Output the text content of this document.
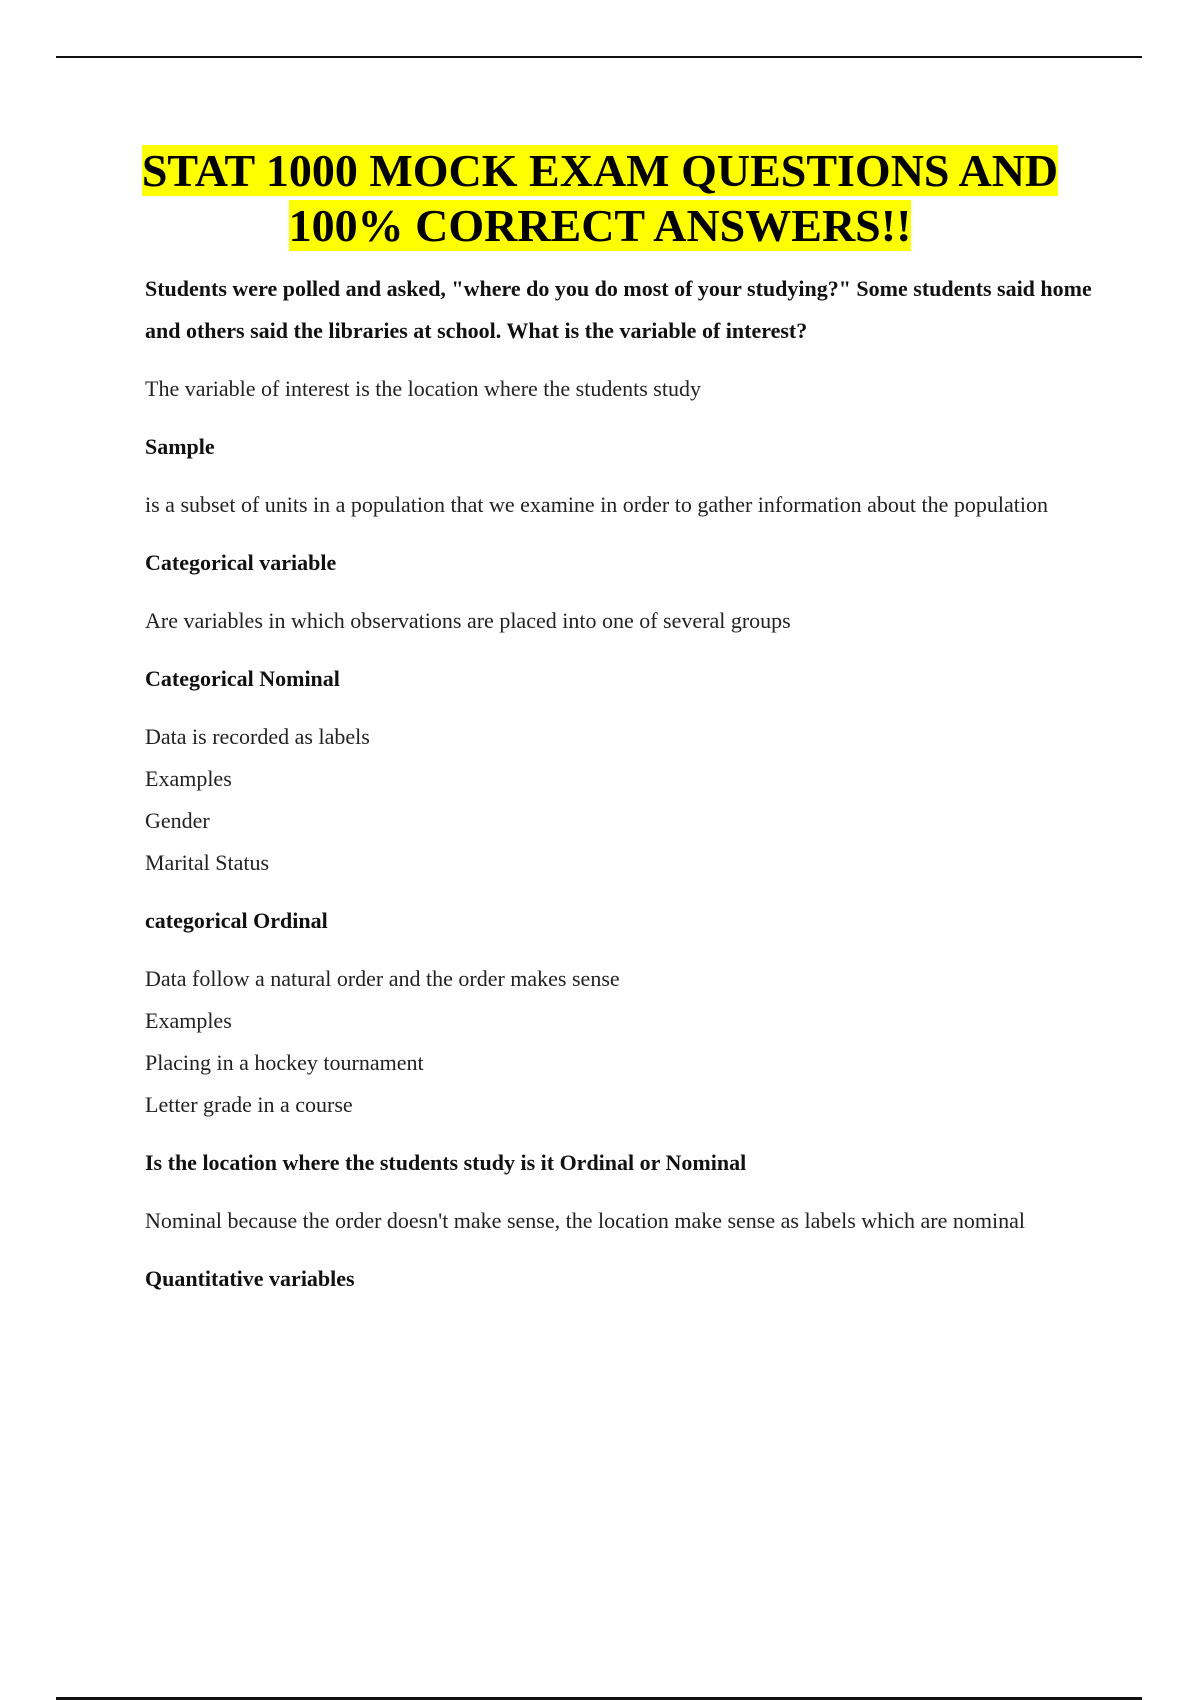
STAT 1000 MOCK EXAM QUESTIONS AND
100% CORRECT ANSWERS!!

Students were polled and asked, "where do you do most of your studying?" Some students said home and others said the libraries at school. What is the variable of interest?

The variable of interest is the location where the students study

Sample

is a subset of units in a population that we examine in order to gather information about the population

Categorical variable

Are variables in which observations are placed into one of several groups

Categorical Nominal

Data is recorded as labels
Examples
Gender
Marital Status

categorical Ordinal

Data follow a natural order and the order makes sense
Examples
Placing in a hockey tournament
Letter grade in a course

Is the location where the students study is it Ordinal or Nominal

Nominal because the order doesn't make sense, the location make sense as labels which are nominal

Quantitative variables
